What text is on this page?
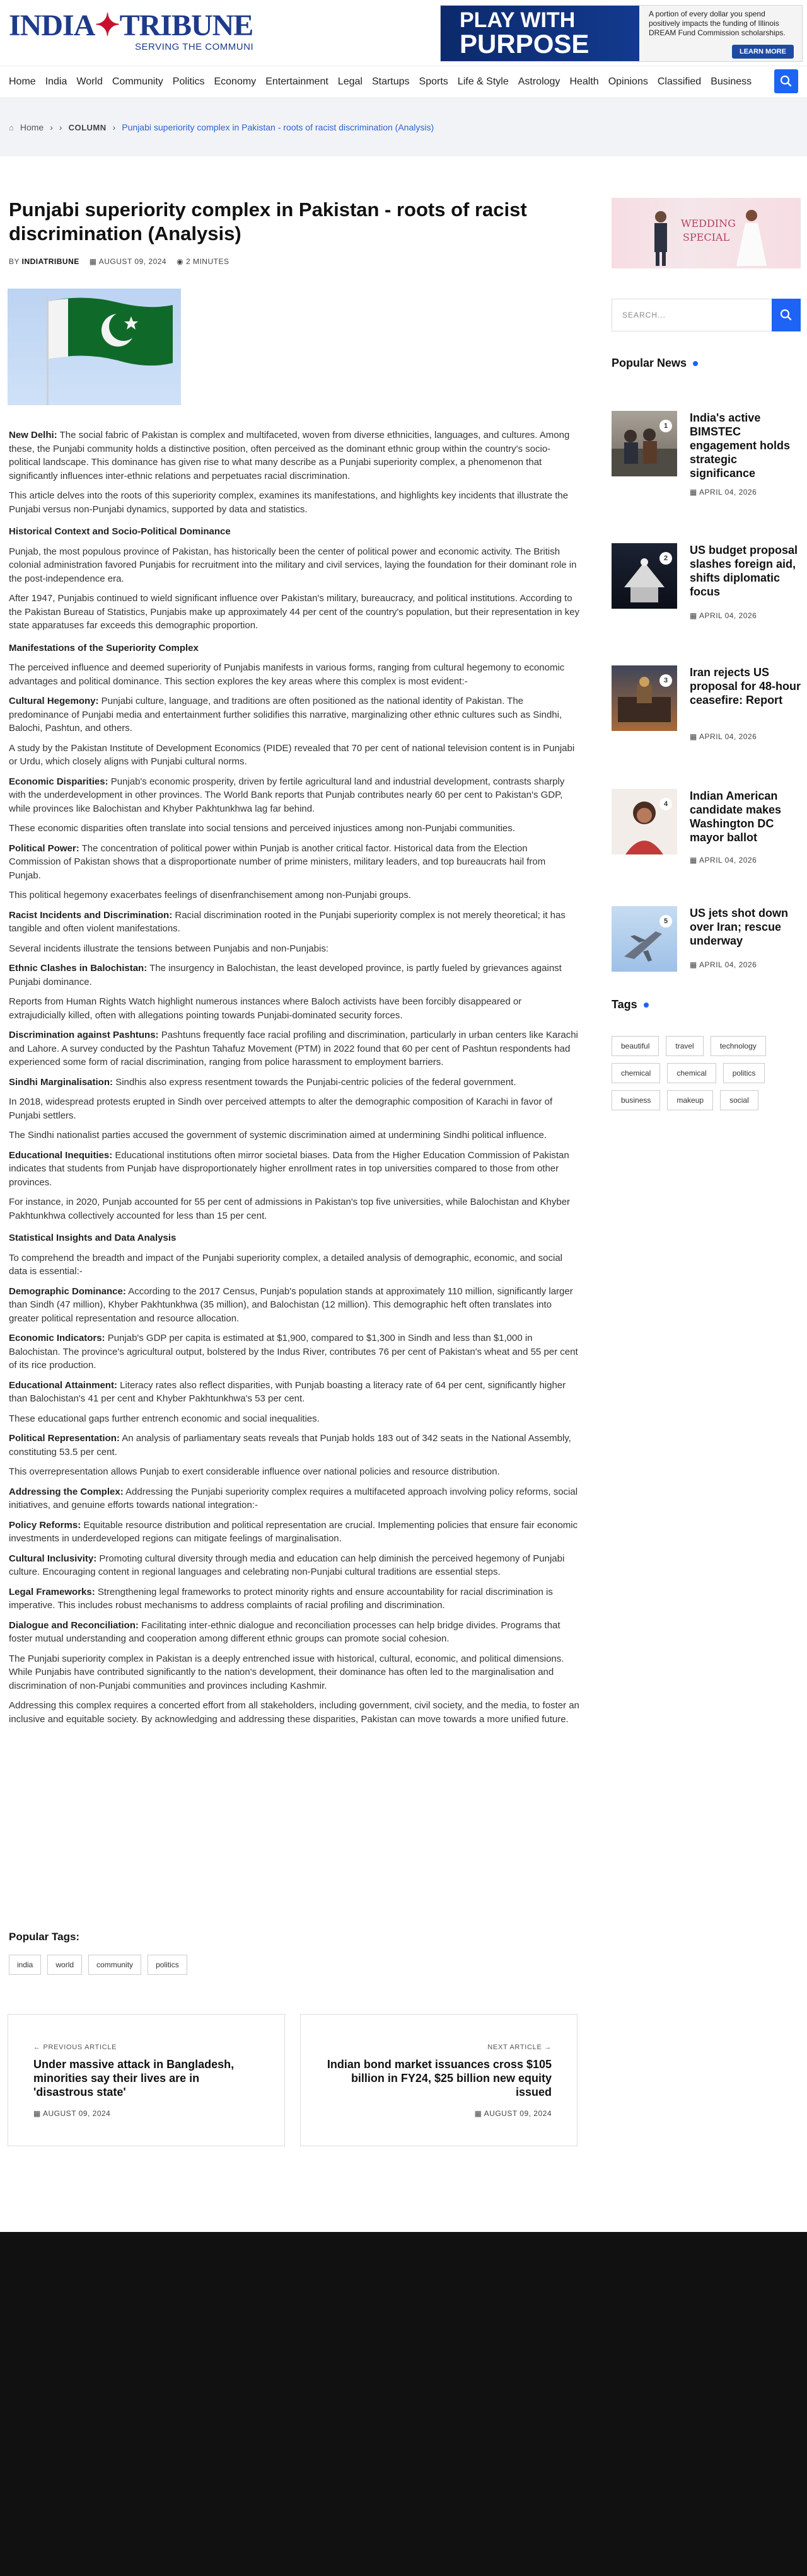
INDIA✦TRIBUNE
SERVING THE COMMUNI
PLAY WITH
PURPOSE
A portion of every dollar you spend positively impacts the funding of Illinois DREAM Fund Commission scholarships.
LEARN MORE
Home India World Community Politics Economy Entertainment Legal Startups Sports Life & Style Astrology Health Opinions Classified Business
⌂ Home › › COLUMN › Punjabi superiority complex in Pakistan - roots of racist discrimination (Analysis)
Punjabi superiority complex in Pakistan - roots of racist discrimination (Analysis)
BY INDIATRIBUNE ▦ AUGUST 09, 2024 ◉ 2 MINUTES

New Delhi: The social fabric of Pakistan is complex and multifaceted, woven from diverse ethnicities, languages, and cultures. Among these, the Punjabi community holds a distinctive position, often perceived as the dominant ethnic group within the country's socio-political landscape. This dominance has given rise to what many describe as a Punjabi superiority complex, a phenomenon that significantly influences inter-ethnic relations and perpetuates racial discrimination.

This article delves into the roots of this superiority complex, examines its manifestations, and highlights key incidents that illustrate the Punjabi versus non-Punjabi dynamics, supported by data and statistics.

Historical Context and Socio-Political Dominance

Punjab, the most populous province of Pakistan, has historically been the center of political power and economic activity. The British colonial administration favored Punjabis for recruitment into the military and civil services, laying the foundation for their dominant role in the post-independence era.

After 1947, Punjabis continued to wield significant influence over Pakistan's military, bureaucracy, and political institutions. According to the Pakistan Bureau of Statistics, Punjabis make up approximately 44 per cent of the country's population, but their representation in key state apparatuses far exceeds this demographic proportion.

Manifestations of the Superiority Complex

The perceived influence and deemed superiority of Punjabis manifests in various forms, ranging from cultural hegemony to economic advantages and political dominance. This section explores the key areas where this complex is most evident:-

Cultural Hegemony: Punjabi culture, language, and traditions are often positioned as the national identity of Pakistan. The predominance of Punjabi media and entertainment further solidifies this narrative, marginalizing other ethnic cultures such as Sindhi, Balochi, Pashtun, and others.

A study by the Pakistan Institute of Development Economics (PIDE) revealed that 70 per cent of national television content is in Punjabi or Urdu, which closely aligns with Punjabi cultural norms.

Economic Disparities: Punjab's economic prosperity, driven by fertile agricultural land and industrial development, contrasts sharply with the underdevelopment in other provinces. The World Bank reports that Punjab contributes nearly 60 per cent to Pakistan's GDP, while provinces like Balochistan and Khyber Pakhtunkhwa lag far behind.

These economic disparities often translate into social tensions and perceived injustices among non-Punjabi communities.

Political Power: The concentration of political power within Punjab is another critical factor. Historical data from the Election Commission of Pakistan shows that a disproportionate number of prime ministers, military leaders, and top bureaucrats hail from Punjab.

This political hegemony exacerbates feelings of disenfranchisement among non-Punjabi groups.

Racist Incidents and Discrimination: Racial discrimination rooted in the Punjabi superiority complex is not merely theoretical; it has tangible and often violent manifestations.

Several incidents illustrate the tensions between Punjabis and non-Punjabis:

Ethnic Clashes in Balochistan: The insurgency in Balochistan, the least developed province, is partly fueled by grievances against Punjabi dominance.

Reports from Human Rights Watch highlight numerous instances where Baloch activists have been forcibly disappeared or extrajudicially killed, often with allegations pointing towards Punjabi-dominated security forces.

Discrimination against Pashtuns: Pashtuns frequently face racial profiling and discrimination, particularly in urban centers like Karachi and Lahore. A survey conducted by the Pashtun Tahafuz Movement (PTM) in 2022 found that 60 per cent of Pashtun respondents had experienced some form of racial discrimination, ranging from police harassment to employment barriers.

Sindhi Marginalisation: Sindhis also express resentment towards the Punjabi-centric policies of the federal government.

In 2018, widespread protests erupted in Sindh over perceived attempts to alter the demographic composition of Karachi in favor of Punjabi settlers.

The Sindhi nationalist parties accused the government of systemic discrimination aimed at undermining Sindhi political influence.

Educational Inequities: Educational institutions often mirror societal biases. Data from the Higher Education Commission of Pakistan indicates that students from Punjab have disproportionately higher enrollment rates in top universities compared to those from other provinces.

For instance, in 2020, Punjab accounted for 55 per cent of admissions in Pakistan's top five universities, while Balochistan and Khyber Pakhtunkhwa collectively accounted for less than 15 per cent.

Statistical Insights and Data Analysis

To comprehend the breadth and impact of the Punjabi superiority complex, a detailed analysis of demographic, economic, and social data is essential:-

Demographic Dominance: According to the 2017 Census, Punjab's population stands at approximately 110 million, significantly larger than Sindh (47 million), Khyber Pakhtunkhwa (35 million), and Balochistan (12 million). This demographic heft often translates into greater political representation and resource allocation.

Economic Indicators: Punjab's GDP per capita is estimated at $1,900, compared to $1,300 in Sindh and less than $1,000 in Balochistan. The province's agricultural output, bolstered by the Indus River, contributes 76 per cent of Pakistan's wheat and 55 per cent of its rice production.

Educational Attainment: Literacy rates also reflect disparities, with Punjab boasting a literacy rate of 64 per cent, significantly higher than Balochistan's 41 per cent and Khyber Pakhtunkhwa's 53 per cent.

These educational gaps further entrench economic and social inequalities.

Political Representation: An analysis of parliamentary seats reveals that Punjab holds 183 out of 342 seats in the National Assembly, constituting 53.5 per cent.

This overrepresentation allows Punjab to exert considerable influence over national policies and resource distribution.

Addressing the Complex: Addressing the Punjabi superiority complex requires a multifaceted approach involving policy reforms, social initiatives, and genuine efforts towards national integration:-

Policy Reforms: Equitable resource distribution and political representation are crucial. Implementing policies that ensure fair economic investments in underdeveloped regions can mitigate feelings of marginalisation.

Cultural Inclusivity: Promoting cultural diversity through media and education can help diminish the perceived hegemony of Punjabi culture. Encouraging content in regional languages and celebrating non-Punjabi cultural traditions are essential steps.

Legal Frameworks: Strengthening legal frameworks to protect minority rights and ensure accountability for racial discrimination is imperative. This includes robust mechanisms to address complaints of racial profiling and discrimination.

Dialogue and Reconciliation: Facilitating inter-ethnic dialogue and reconciliation processes can help bridge divides. Programs that foster mutual understanding and cooperation among different ethnic groups can promote social cohesion.

The Punjabi superiority complex in Pakistan is a deeply entrenched issue with historical, cultural, economic, and political dimensions. While Punjabis have contributed significantly to the nation's development, their dominance has often led to the marginalisation and discrimination of non-Punjabi communities and provinces including Kashmir.

Addressing this complex requires a concerted effort from all stakeholders, including government, civil society, and the media, to foster an inclusive and equitable society. By acknowledging and addressing these disparities, Pakistan can move towards a more unified future.

Popular Tags:
india	world	community	politics
← PREVIOUS ARTICLE
Under massive attack in Bangladesh, minorities say their lives are in 'disastrous state'
▦ AUGUST 09, 2024
NEXT ARTICLE →
Indian bond market issuances cross $105 billion in FY24, $25 billion new equity issued
▦ AUGUST 09, 2024
WEDDING SPECIAL
SEARCH...
Popular News
1
India's active BIMSTEC engagement holds strategic significance
▦ APRIL 04, 2026
2
US budget proposal slashes foreign aid, shifts diplomatic focus
▦ APRIL 04, 2026
3
Iran rejects US proposal for 48-hour ceasefire: Report
▦ APRIL 04, 2026
4
Indian American candidate makes Washington DC mayor ballot
▦ APRIL 04, 2026
5
US jets shot down over Iran; rescue underway
▦ APRIL 04, 2026
Tags
beautiful	travel	technology
chemical	chemical	politics
business	makeup	social
